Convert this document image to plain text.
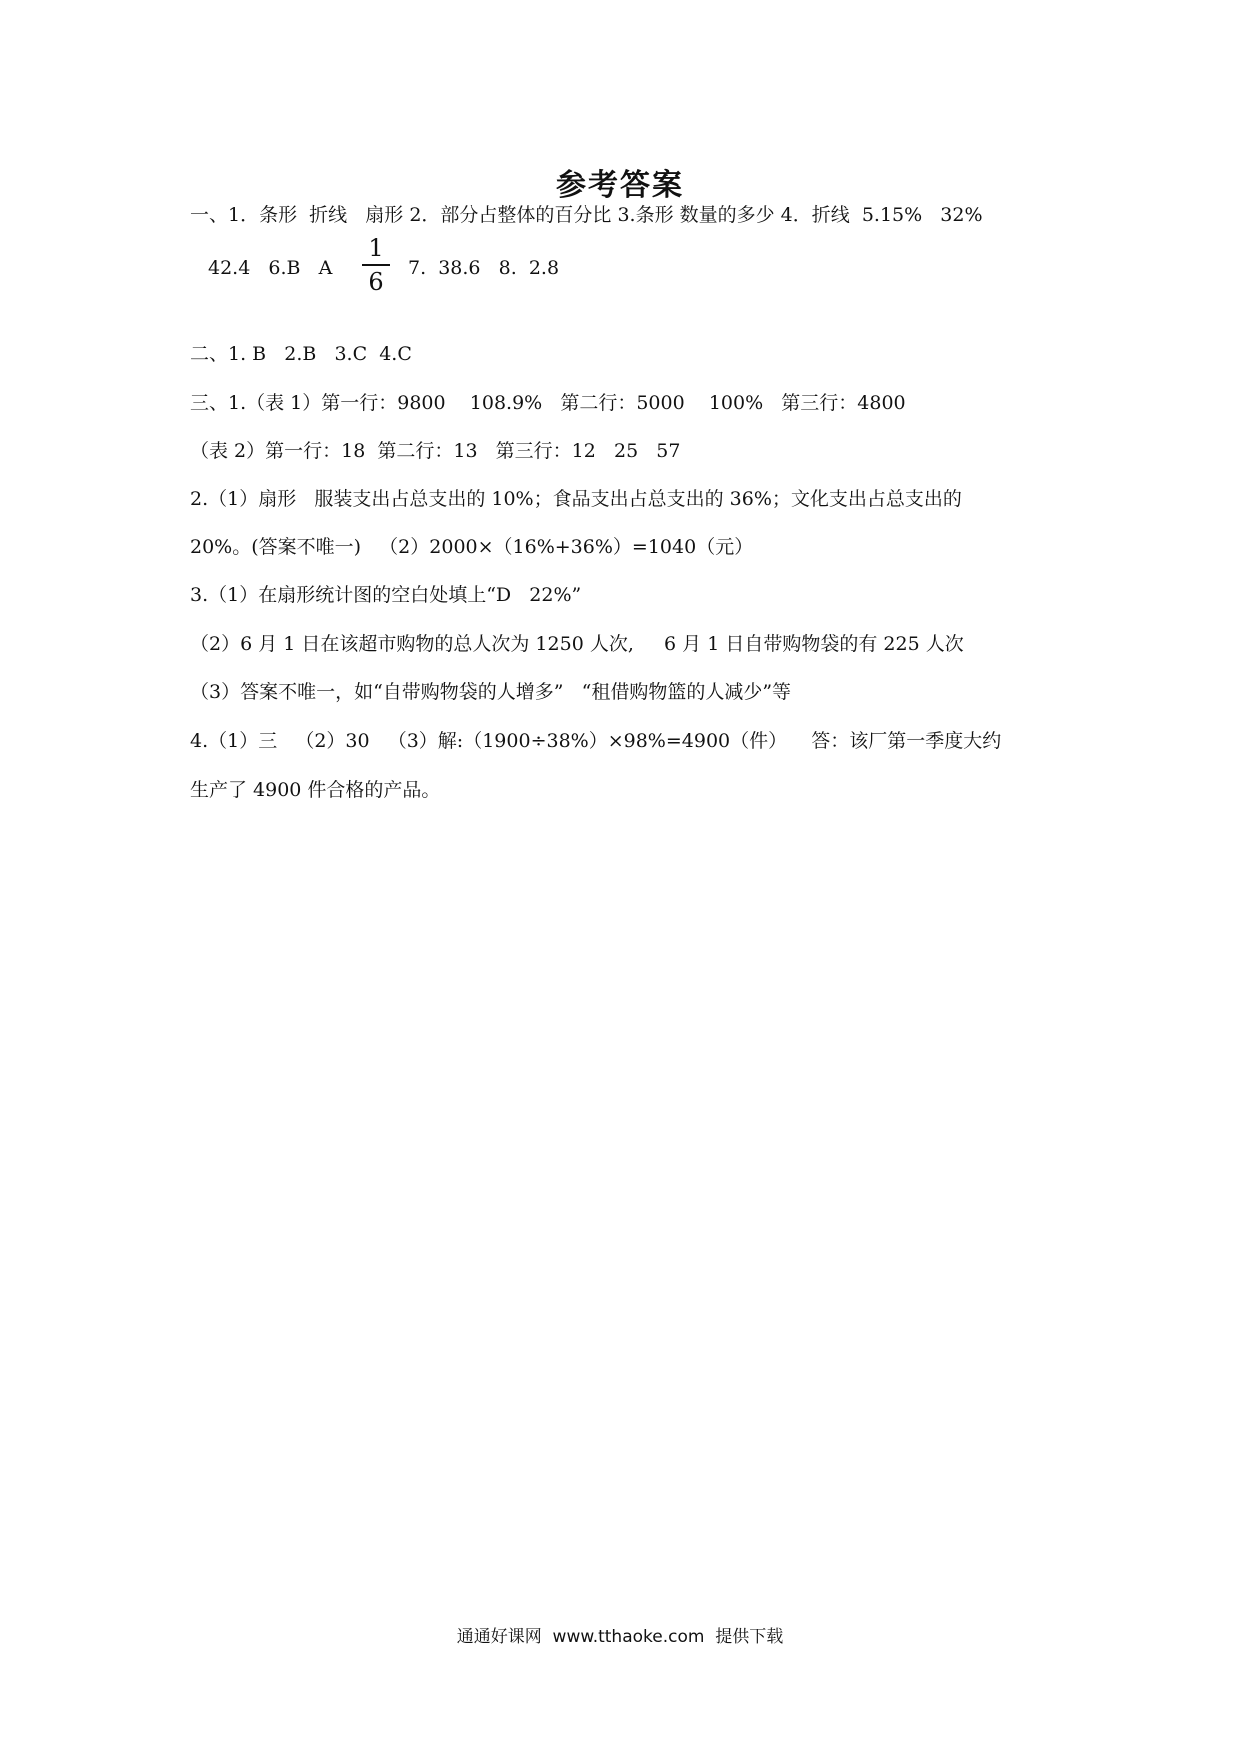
参考答案
一、1．条形  折线   扇形 2．部分占整体的百分比 3.条形 数量的多少 4．折线  5.15%   32%
42.4   6.B   A
1
6	7.  38.6   8.  2.8
二、1. B   2.B   3.C  4.C
三、1.（表 1）第一行：9800    108.9%   第二行：5000    100%   第三行：4800
（表 2）第一行：18  第二行：13   第三行：12   25   57
2.（1）扇形   服装支出占总支出的 10%；食品支出占总支出的 36%；文化支出占总支出的
20%。(答案不唯一)   （2）2000×（16%+36%）=1040（元）
3.（1）在扇形统计图的空白处填上“D   22%”
（2）6 月 1 日在该超市购物的总人次为 1250 人次,     6 月 1 日自带购物袋的有 225 人次
（3）答案不唯一，如“自带购物袋的人增多”   “租借购物篮的人减少”等
4.（1）三   （2）30   （3）解:（1900÷38%）×98%=4900（件）    答：该厂第一季度大约
生产了 4900 件合格的产品。
通通好课网  www.tthaoke.com  提供下载
